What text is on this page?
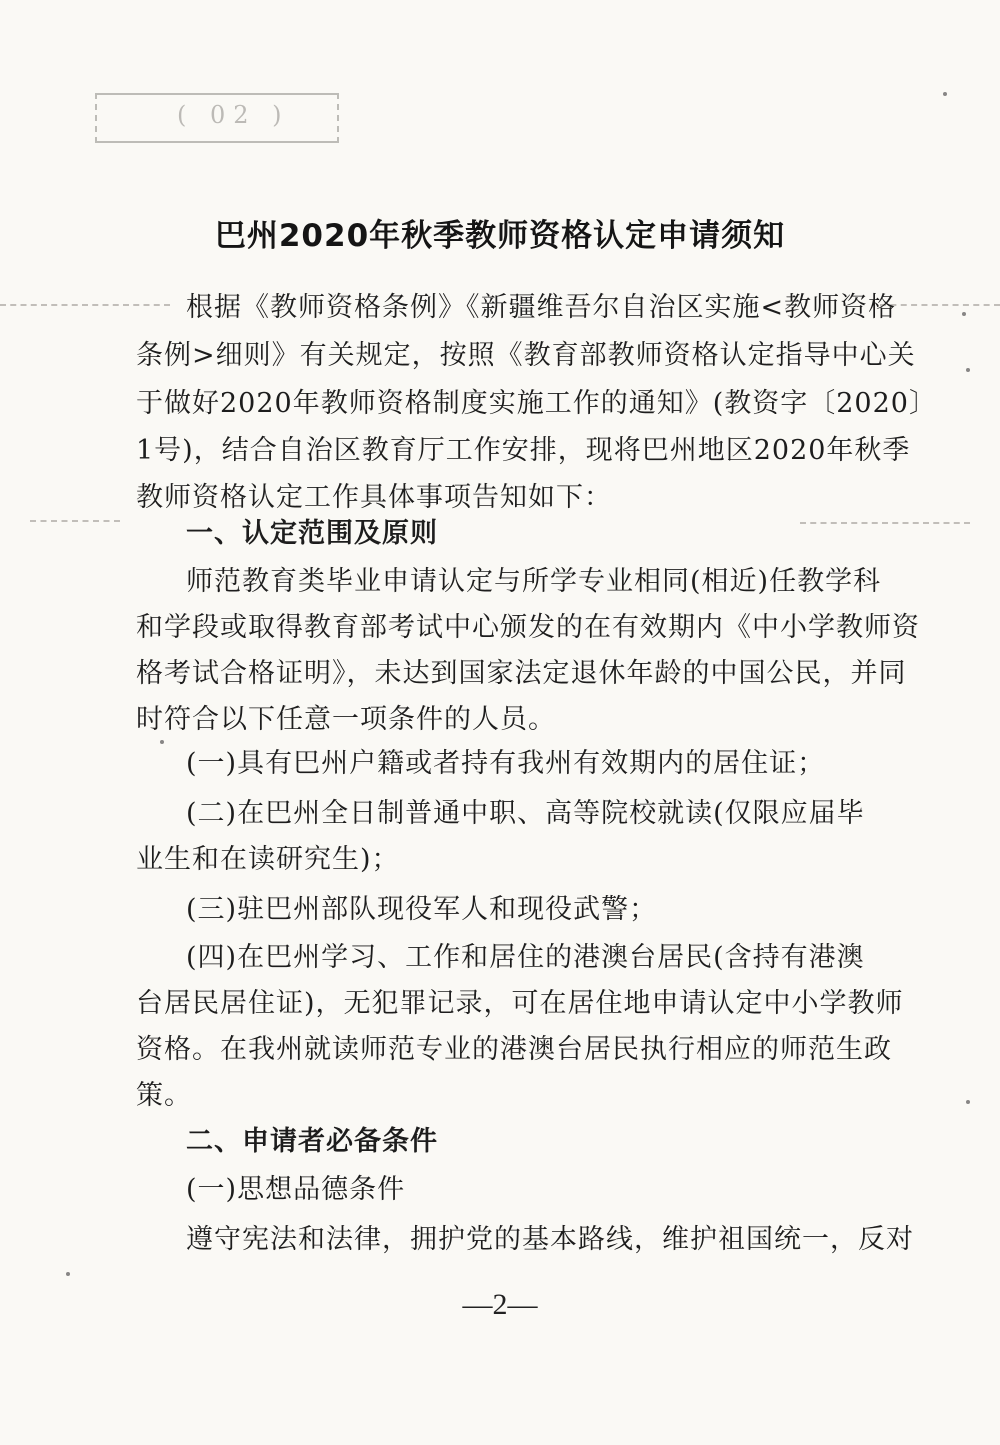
( 02 )
巴州2020年秋季教师资格认定申请须知
根据《教师资格条例》《新疆维吾尔自治区实施<教师资格
条例>细则》有关规定，按照《教育部教师资格认定指导中心关
于做好2020年教师资格制度实施工作的通知》(教资字〔2020〕
1号)，结合自治区教育厅工作安排，现将巴州地区2020年秋季
教师资格认定工作具体事项告知如下：
一、认定范围及原则
师范教育类毕业申请认定与所学专业相同(相近)任教学科
和学段或取得教育部考试中心颁发的在有效期内《中小学教师资
格考试合格证明》，未达到国家法定退休年龄的中国公民，并同
时符合以下任意一项条件的人员。
(一)具有巴州户籍或者持有我州有效期内的居住证；
(二)在巴州全日制普通中职、高等院校就读(仅限应届毕
业生和在读研究生)；
(三)驻巴州部队现役军人和现役武警；
(四)在巴州学习、工作和居住的港澳台居民(含持有港澳
台居民居住证)，无犯罪记录，可在居住地申请认定中小学教师
资格。在我州就读师范专业的港澳台居民执行相应的师范生政
策。
二、申请者必备条件
(一)思想品德条件
遵守宪法和法律，拥护党的基本路线，维护祖国统一，反对
—2—
